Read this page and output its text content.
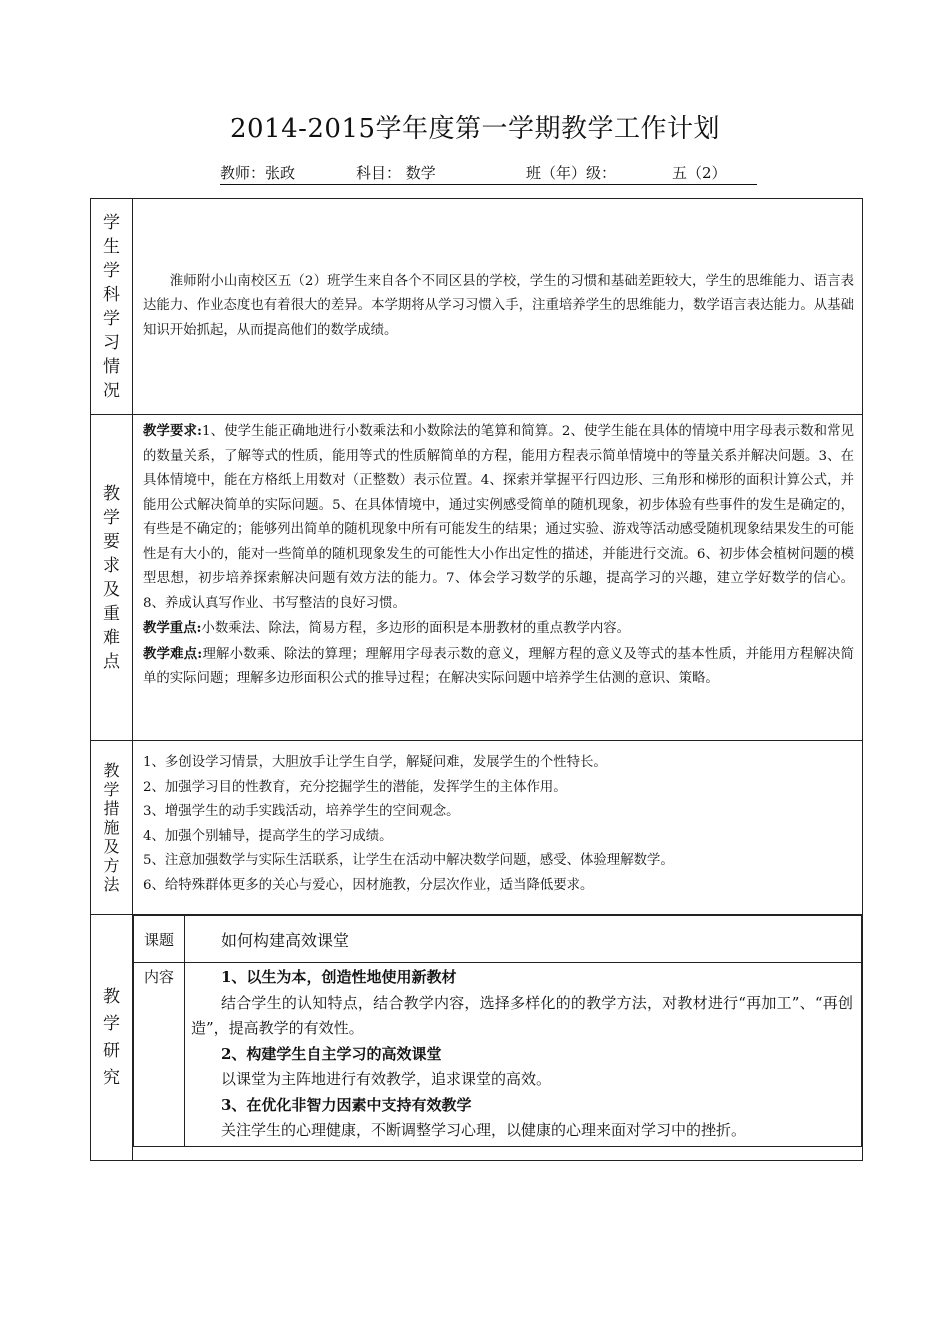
2014-2015学年度第一学期教学工作计划
教师：张政	科目： 数学	班（年）级：	五（2）
学生学科学习情况	
淮师附小山南校区五（2）班学生来自各个不同区县的学校，学生的习惯和基础差距较大，学生的思维能力、语言表达能力、作业态度也有着很大的差异。本学期将从学习习惯入手，注重培养学生的思维能力，数学语言表达能力。从基础知识开始抓起，从而提高他们的数学成绩。

教学要求及重难点	
教学要求:1、使学生能正确地进行小数乘法和小数除法的笔算和简算。2、使学生能在具体的情境中用字母表示数和常见的数量关系，了解等式的性质，能用等式的性质解简单的方程，能用方程表示简单情境中的等量关系并解决问题。3、在具体情境中，能在方格纸上用数对（正整数）表示位置。4、探索并掌握平行四边形、三角形和梯形的面积计算公式，并能用公式解决简单的实际问题。5、在具体情境中，通过实例感受简单的随机现象，初步体验有些事件的发生是确定的，有些是不确定的；能够列出简单的随机现象中所有可能发生的结果；通过实验、游戏等活动感受随机现象结果发生的可能性是有大小的，能对一些简单的随机现象发生的可能性大小作出定性的描述，并能进行交流。6、初步体会植树问题的模型思想，初步培养探索解决问题有效方法的能力。7、体会学习数学的乐趣，提高学习的兴趣，建立学好数学的信心。8、养成认真写作业、书写整洁的良好习惯。
教学重点:小数乘法、除法，简易方程，多边形的面积是本册教材的重点教学内容。
教学难点:理解小数乘、除法的算理；理解用字母表示数的意义，理解方程的意义及等式的基本性质，并能用方程解决简单的实际问题；理解多边形面积公式的推导过程；在解决实际问题中培养学生估测的意识、策略。

教学措施及方法	
1、多创设学习情景，大胆放手让学生自学，解疑问难，发展学生的个性特长。
2、加强学习目的性教育，充分挖掘学生的潜能，发挥学生的主体作用。
3、增强学生的动手实践活动，培养学生的空间观念。
4、加强个别辅导，提高学生的学习成绩。
5、注意加强数学与实际生活联系，让学生在活动中解决数学问题，感受、体验理解数学。
6、给特殊群体更多的关心与爱心，因材施教，分层次作业，适当降低要求。

教学研究	
课题	如何构建高效课堂
内容	1、以生为本，创造性地使用新教材
结合学生的认知特点，结合教学内容，选择多样化的的教学方法，对教材进行“再加工”、“再创造”，提高教学的有效性。
2、构建学生自主学习的高效课堂
以课堂为主阵地进行有效教学，追求课堂的高效。
3、在优化非智力因素中支持有效教学
关注学生的心理健康，不断调整学习心理，以健康的心理来面对学习中的挫折。
